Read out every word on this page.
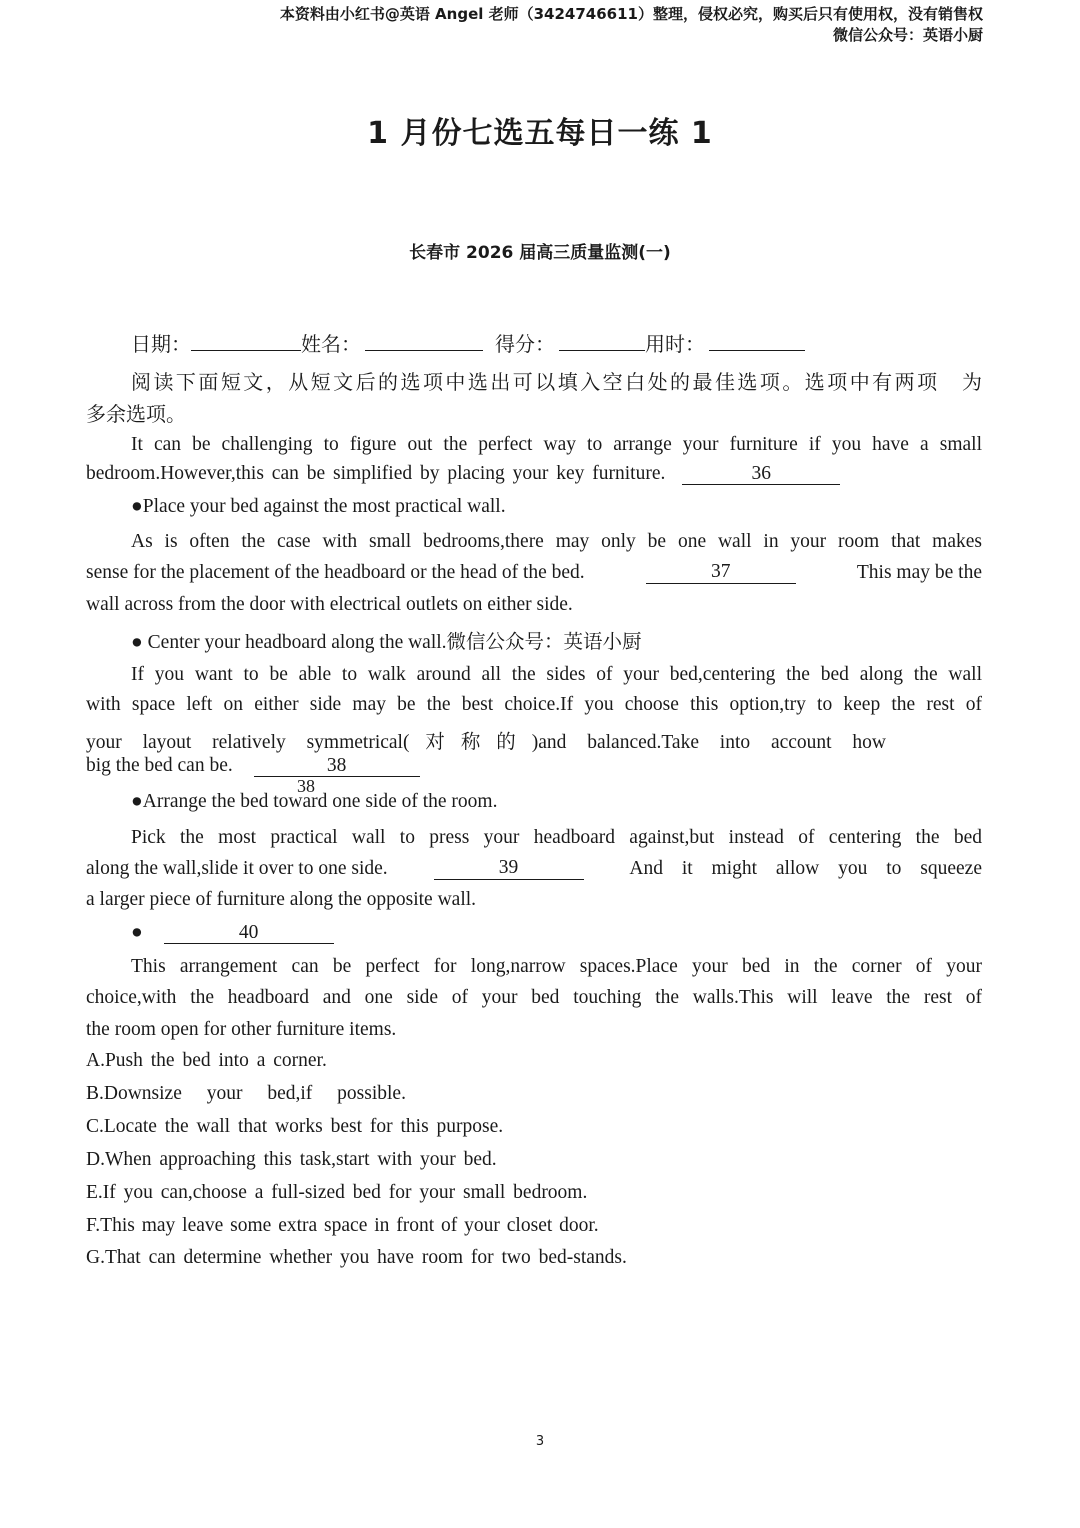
本资料由小红书@英语 Angel 老师（3424746611）整理，侵权必究，购买后只有使用权，没有销售权
微信公众号：英语小厨
1 月份七选五每日一练 1
长春市 2026 届高三质量监测(一)
日期：	姓名：	得分：	用时：
阅读下面短文，从短文后的选项中选出可以填入空白处的最佳选项。选项中有两项　为
多余选项。
It can be challenging to figure out the perfect way to arrange your furniture if you have a small
bedroom.However,this can be simplified by placing your key furniture.	36
●Place your bed against the most practical wall.
As is often the case with small bedrooms,there may only be one wall in your room that makes
sense for the placement of the headboard or the head of the bed.	37	This may be the
wall across from the door with electrical outlets on either side.
● Center your headboard along the wall.微信公众号：英语小厨
If you want to be able to walk around all the sides of your bed,centering the bed along the wall
with space left on either side may be the best choice.If you choose this option,try to keep the rest of
your layout relatively symmetrical(对称的)and balanced.Take into account how
big the bed can be.	38
38
●Arrange the bed toward one side of the room.
Pick the most practical wall to press your headboard against,but instead of centering the bed
along the wall,slide it over to one side.	39	And it might allow you to squeeze
a larger piece of furniture along the opposite wall.
●	40
This arrangement can be perfect for long,narrow spaces.Place your bed in the corner of your
choice,with the headboard and one side of your bed touching the walls.This will leave the rest of
the room open for other furniture items.
A.Push the bed into a corner.
B.Downsize your bed,if possible.
C.Locate the wall that works best for this purpose.
D.When approaching this task,start with your bed.
E.If you can,choose a full-sized bed for your small bedroom.
F.This may leave some extra space in front of your closet door.
G.That can determine whether you have room for two bed-stands.
3
